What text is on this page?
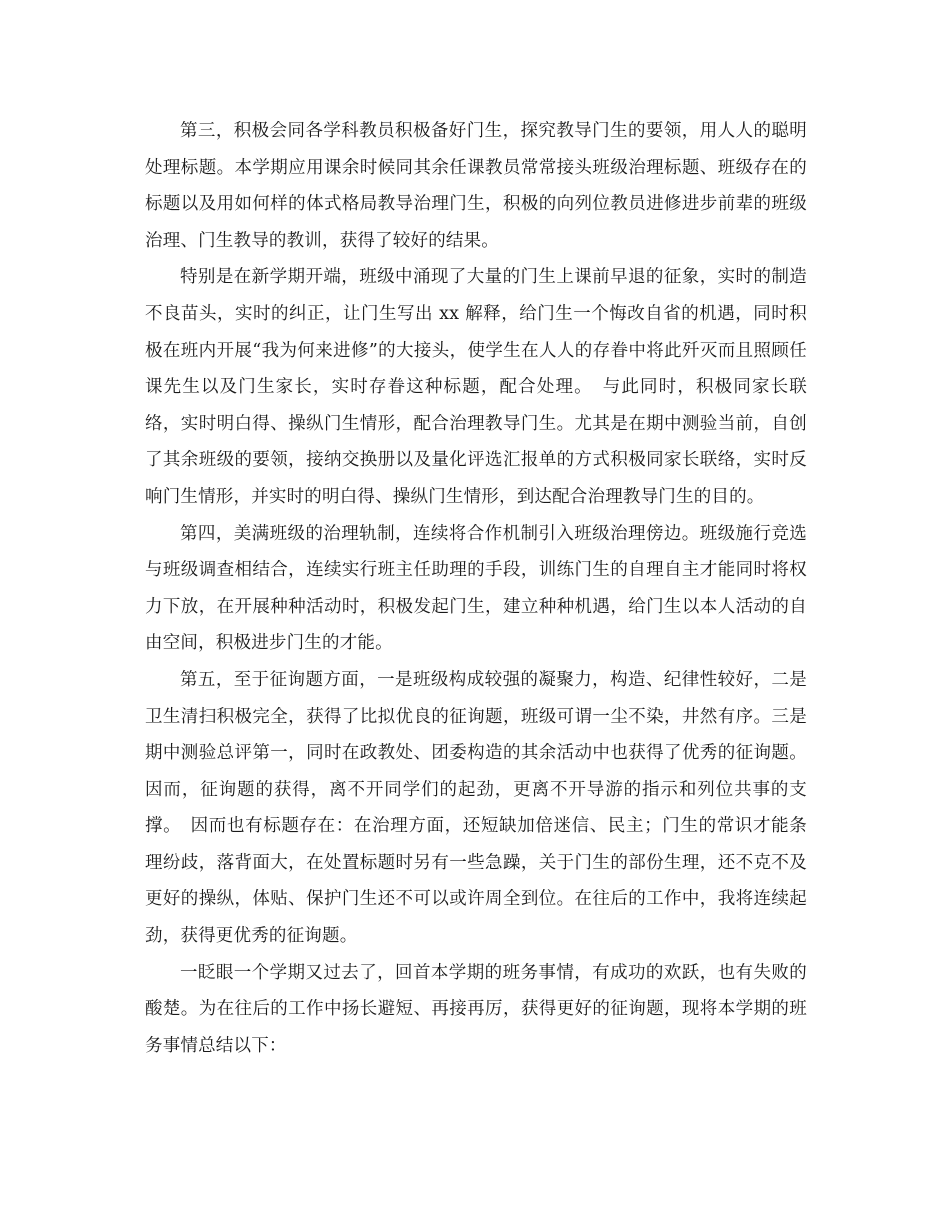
第三，积极会同各学科教员积极备好门生，探究教导门生的要领，用人人的聪明处理标题。本学期应用课余时候同其余任课教员常常接头班级治理标题、班级存在的标题以及用如何样的体式格局教导治理门生，积极的向列位教员进修进步前辈的班级治理、门生教导的教训，获得了较好的结果。

特别是在新学期开端，班级中涌现了大量的门生上课前早退的征象，实时的制造不良苗头，实时的纠正，让门生写出 xx 解释，给门生一个悔改自省的机遇，同时积极在班内开展“我为何来进修”的大接头，使学生在人人的存眷中将此歼灭而且照顾任课先生以及门生家长，实时存眷这种标题，配合处理。　与此同时，积极同家长联络，实时明白得、操纵门生情形，配合治理教导门生。尤其是在期中测验当前，自创了其余班级的要领，接纳交换册以及量化评选汇报单的方式积极同家长联络，实时反响门生情形，并实时的明白得、操纵门生情形，到达配合治理教导门生的目的。

第四，美满班级的治理轨制，连续将合作机制引入班级治理傍边。班级施行竞选与班级调查相结合，连续实行班主任助理的手段，训练门生的自理自主才能同时将权力下放，在开展种种活动时，积极发起门生，建立种种机遇，给门生以本人活动的自由空间，积极进步门生的才能。

第五，至于征询题方面，一是班级构成较强的凝聚力，构造、纪律性较好，二是卫生清扫积极完全，获得了比拟优良的征询题，班级可谓一尘不染，井然有序。三是期中测验总评第一，同时在政教处、团委构造的其余活动中也获得了优秀的征询题。因而，征询题的获得，离不开同学们的起劲，更离不开导游的指示和列位共事的支撑。　因而也有标题存在：在治理方面，还短缺加倍迷信、民主；门生的常识才能条理纷歧，落背面大，在处置标题时另有一些急躁，关于门生的部份生理，还不克不及更好的操纵，体贴、保护门生还不可以或许周全到位。在往后的工作中，我将连续起劲，获得更优秀的征询题。

一眨眼一个学期又过去了，回首本学期的班务事情，有成功的欢跃，也有失败的酸楚。为在往后的工作中扬长避短、再接再厉，获得更好的征询题，现将本学期的班务事情总结以下：
